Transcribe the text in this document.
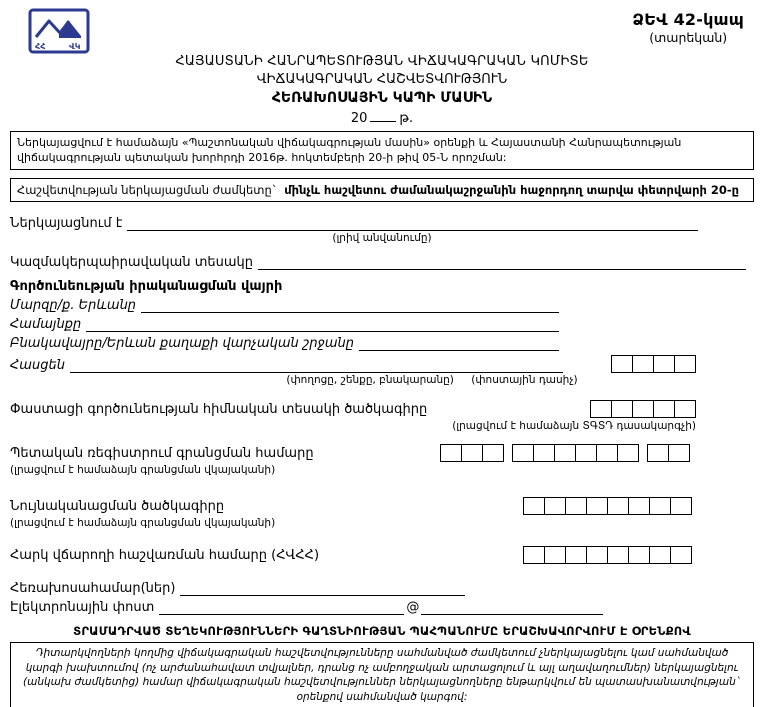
ՀՀ	ՎԿ
ՁԵՎ 42-կապ
(տարեկան)
ՀԱՅԱՍՏԱՆԻ ՀԱՆՐԱՊԵՏՈՒԹՅԱՆ ՎԻՃԱԿԱԳՐԱԿԱՆ ԿՈՄԻՏԵ
ՎԻՃԱԿԱԳՐԱԿԱՆ ՀԱՇՎԵՏՎՈՒԹՅՈՒՆ
ՀԵՌԱԽՈՍԱՅԻՆ ԿԱՊԻ ՄԱՍԻՆ
20 թ.
Ներկայացվում է համաձայն «Պաշտոնական վիճակագրության մասին» օրենքի և Հայաստանի Հանրապետության վիճակագրության պետական խորհրդի 2016թ. հոկտեմբերի 20-ի թիվ 05-Ն որոշման:
Հաշվետվության ներկայացման ժամկետը` մինչև հաշվետու ժամանակաշրջանին հաջորդող տարվա փետրվարի 20-ը
Ներկայացնում է
(լրիվ անվանումը)
Կազմակերպաիրավական տեսակը
Գործունեության իրականացման վայրի
Մարզը/ք. Երևանը
Համայնքը
Բնակավայրը/Երևան քաղաքի վարչական շրջանը
Հասցեն
(փողոցը, շենքը, բնակարանը) (փոստային դասիչ)
Փաստացի գործունեության հիմնական տեսակի ծածկագիրը
(լրացվում է համաձայն ՏԳՏԴ դասակարգչի)
Պետական ռեգիստրում գրանցման համարը
(լրացվում է համաձայն գրանցման վկայականի)
Նույնականացման ծածկագիրը
(լրացվում է համաձայն գրանցման վկայականի)
Հարկ վճարողի հաշվառման համարը (ՀՎՀՀ)
Հեռախոսահամար(ներ)
Էլեկտրոնային փոստ	@
ՏՐԱՄԱԴՐՎԱԾ ՏԵՂԵԿՈՒԹՅՈՒՆՆԵՐԻ ԳԱՂՏՆԻՈՒԹՅԱՆ ՊԱՀՊԱՆՈՒՄԸ ԵՐԱՇԽԱՎՈՐՎՈՒՄ Է ՕՐԵՆՔՈՎ
Դիտարկվողների կողմից վիճակագրական հաշվետվությունները սահմանված ժամկետում չներկայացնելու կամ սահմանված կարգի խախտումով (ոչ արժանահավատ տվյալներ, դրանց ոչ ամբողջական արտացոլում և այլ աղավաղումներ) ներկայացնելու (անկախ ժամկետից) համար վիճակագրական հաշվետվություններ ներկայացնողները ենթարկվում են պատասխանատվության` օրենքով սահմանված կարգով:
